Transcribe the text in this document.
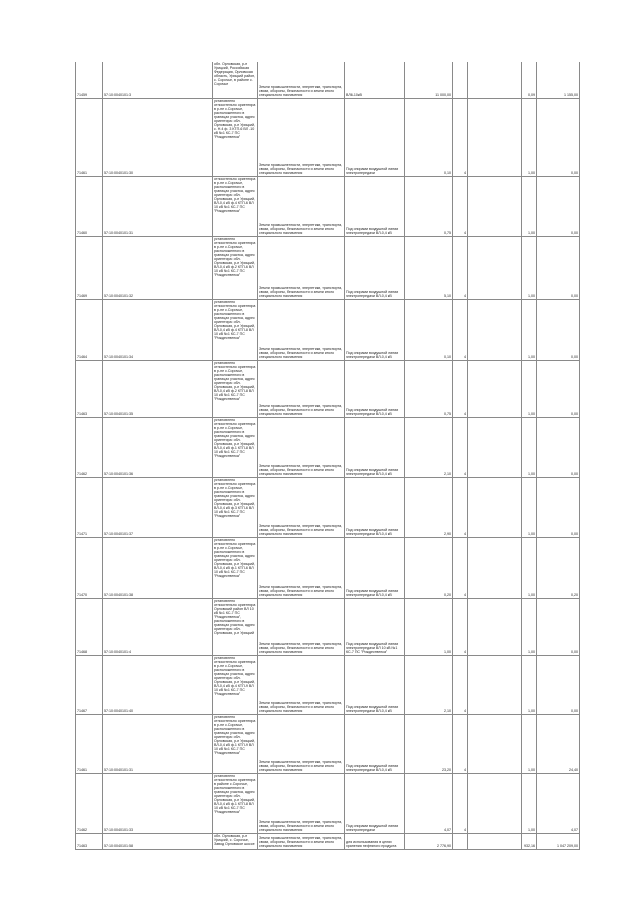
71459	57:10:0040101:3	обл. Орловская, р-н Урицкий, Российская Федерация, Орловская область, Урицкий район, с. Сорочье, в районе с. Сорочье	Земли промышленности, энергетики, транспорта, связи, обороны, безопасности и земли иного специального назначения	ВЛ6-10кВ	11 000,00			0,09	1 155,00
71461	57:10:0040101:30	установлено относительно ориентира в р-не с.Сорочье, расположенного в границах участка, адрес ориентира: обл. Орловская, р-н Урицкий, с. Н.4 ф. 3 КТП-6 ВЛ -10 кВ №1 КС-7 ПС "Рождественка"	Земли промышленности, энергетики, транспорта, связи, обороны, безопасности и земли иного специального назначения	Под опорами воздушной линии электропередачи	0,10	4		1,00	0,00
71460	57:10:0040101:31	относительно ориентира в р-не с.Сорочье, расположенного в границах участка, адрес ориентира: обл. Орловская, р-н Урицкий, ВЛ-0,4 кВ ф.4 КТП-6 ВЛ 10 кВ №1 КС-7 ПС "Рождественка"	Земли промышленности, энергетики, транспорта, связи, обороны, безопасности и земли иного специального назначения	Под опорами воздушной линии электропередачи ВЛ-0,4 кВ	0,75	4		1,00	0,00
71469	57:10:0040101:32	установлено относительно ориентира в р-не с.Сорочье, расположенного в границах участка, адрес ориентира: обл. Орловская, р-н Урицкий, ВЛ-0,4 кВ ф.2 КТП-6 ВЛ 10 кВ №1 КС-7 ПС "Рождественка"	Земли промышленности, энергетики, транспорта, связи, обороны, безопасности и земли иного специального назначения	Под опорами воздушной линии электропередачи ВЛ-0,4 кВ	5,10	4		1,00	0,00
71464	57:10:0040101:34	установлено относительно ориентира в р-не с.Сорочье, расположенного в границах участка, адрес ориентира: обл. Орловская, р-н Урицкий, ВЛ-0,4 кВ ф.4 КТП-8 ВЛ 10 кВ №1 КС-7 ПС "Рождественка"	Земли промышленности, энергетики, транспорта, связи, обороны, безопасности и земли иного специального назначения	Под опорами воздушной линии электропередачи ВЛ-0,4 кВ	0,10	4		1,00	0,00
71463	57:10:0040101:35	установлено относительно ориентира в р-не с.Сорочье, расположенного в границах участка, адрес ориентира: обл. Орловская, р-н Урицкий, ВЛ-0,4 кВ ф.2 КТП-8 ВЛ 10 кВ №1 КС-7 ПС "Рождественка"	Земли промышленности, энергетики, транспорта, связи, обороны, безопасности и земли иного специального назначения	Под опорами воздушной линии электропередачи ВЛ-0,4 кВ	0,75	4		1,00	0,00
71462	57:10:0040101:36	установлено относительно ориентира в р-не с.Сорочье, расположенного в границах участка, адрес ориентира: обл. Орловская, р-н Урицкий, ВЛ-0,4 кВ ф.1 КТП-8 ВЛ 10 кВ №1 КС-7 ПС "Рождественка"	Земли промышленности, энергетики, транспорта, связи, обороны, безопасности и земли иного специального назначения	Под опорами воздушной линии электропередачи ВЛ-0,4 кВ	2,10	4		1,00	0,00
71471	57:10:0040101:37	установлено относительно ориентира в р-не с.Сорочье, расположенного в границах участка, адрес ориентира: обл. Орловская, р-н Урицкий, ВЛ-0,4 кВ ф.3 КТП-6 ВЛ 10 кВ №1 КС-7 ПС "Рождественка"	Земли промышленности, энергетики, транспорта, связи, обороны, безопасности и земли иного специального назначения	Под опорами воздушной линии электропередачи ВЛ-0,4 кВ	2,90	4		1,00	0,00
71470	57:10:0040101:38	установлено относительно ориентира в р-не с.Сорочье, расположенного в границах участка, адрес ориентира: обл. Орловская, р-н Урицкий, ВЛ-0,4 кВ ф.1 КТП-6 ВЛ 10 кВ №1 КС-7 ПС "Рождественка"	Земли промышленности, энергетики, транспорта, связи, обороны, безопасности и земли иного специального назначения	Под опорами воздушной линии электропередачи ВЛ-0,4 кВ	0,20	4		1,00	0,20
71468	57:10:0040101:4	установлено относительно ориентира Орловский район ВЛ 10 кВ №1 КС-7 ПС "Рождественка", расположенного в границах участка, адрес ориентира: обл. Орловская, р-н Урицкий	Земли промышленности, энергетики, транспорта, связи, обороны, безопасности и земли иного специального назначения	Под опорами воздушной линии электропередачи ВЛ 10 кВ №1 КС-7 ПС "Рождественка"	1,00	4		1,00	0,00
71467	57:10:0040101:40	установлено относительно ориентира в р-не с.Сорочье, расположенного в границах участка, адрес ориентира: обл. Орловская, р-н Урицкий, ВЛ-0,4 кВ ф.4 КТП-9 ВЛ 10 кВ №1 КС-7 ПС "Рождественка"	Земли промышленности, энергетики, транспорта, связи, обороны, безопасности и земли иного специального назначения	Под опорами воздушной линии электропередачи ВЛ-0,4 кВ	2,10	4		1,00	0,00
71461	57:10:0040101:31	установлено относительно ориентира в р-не с.Сорочье, расположенного в границах участка, адрес ориентира: обл. Орловская, р-н Урицкий, ВЛ-0,4 кВ ф.1 КТП-9 ВЛ 10 кВ №1 КС-7 ПС "Рождественка"	Земли промышленности, энергетики, транспорта, связи, обороны, безопасности и земли иного специального назначения	Под опорами воздушной линии электропередачи ВЛ-0,4 кВ	23,20	4		1,00	24,40
71462	57:10:0040101:33	установлено относительно ориентира в районе с.Сорочье, расположенного в границах участка, адрес ориентира: обл. Орловская, р-н Урицкий, ВЛ-0,4 кВ ф.1 КТП-8 ВЛ 10 кВ №1 КС-7 ПС "Рождественка"	Земли промышленности, энергетики, транспорта, связи, обороны, безопасности и земли иного специального назначения	Под опорами воздушной линии электропередачи	4,07	4		1,00	4,07
71463	57:10:0040101:58	обл. Орловская, р-н Урицкий, с. Сорочье, Завод Орловское шоссе	Земли промышленности, энергетики, транспорта, связи, обороны, безопасности и земли иного специального назначения	для использования в целях хранения нефтяного продукта	2 776,90			932,16	1 047 209,00
